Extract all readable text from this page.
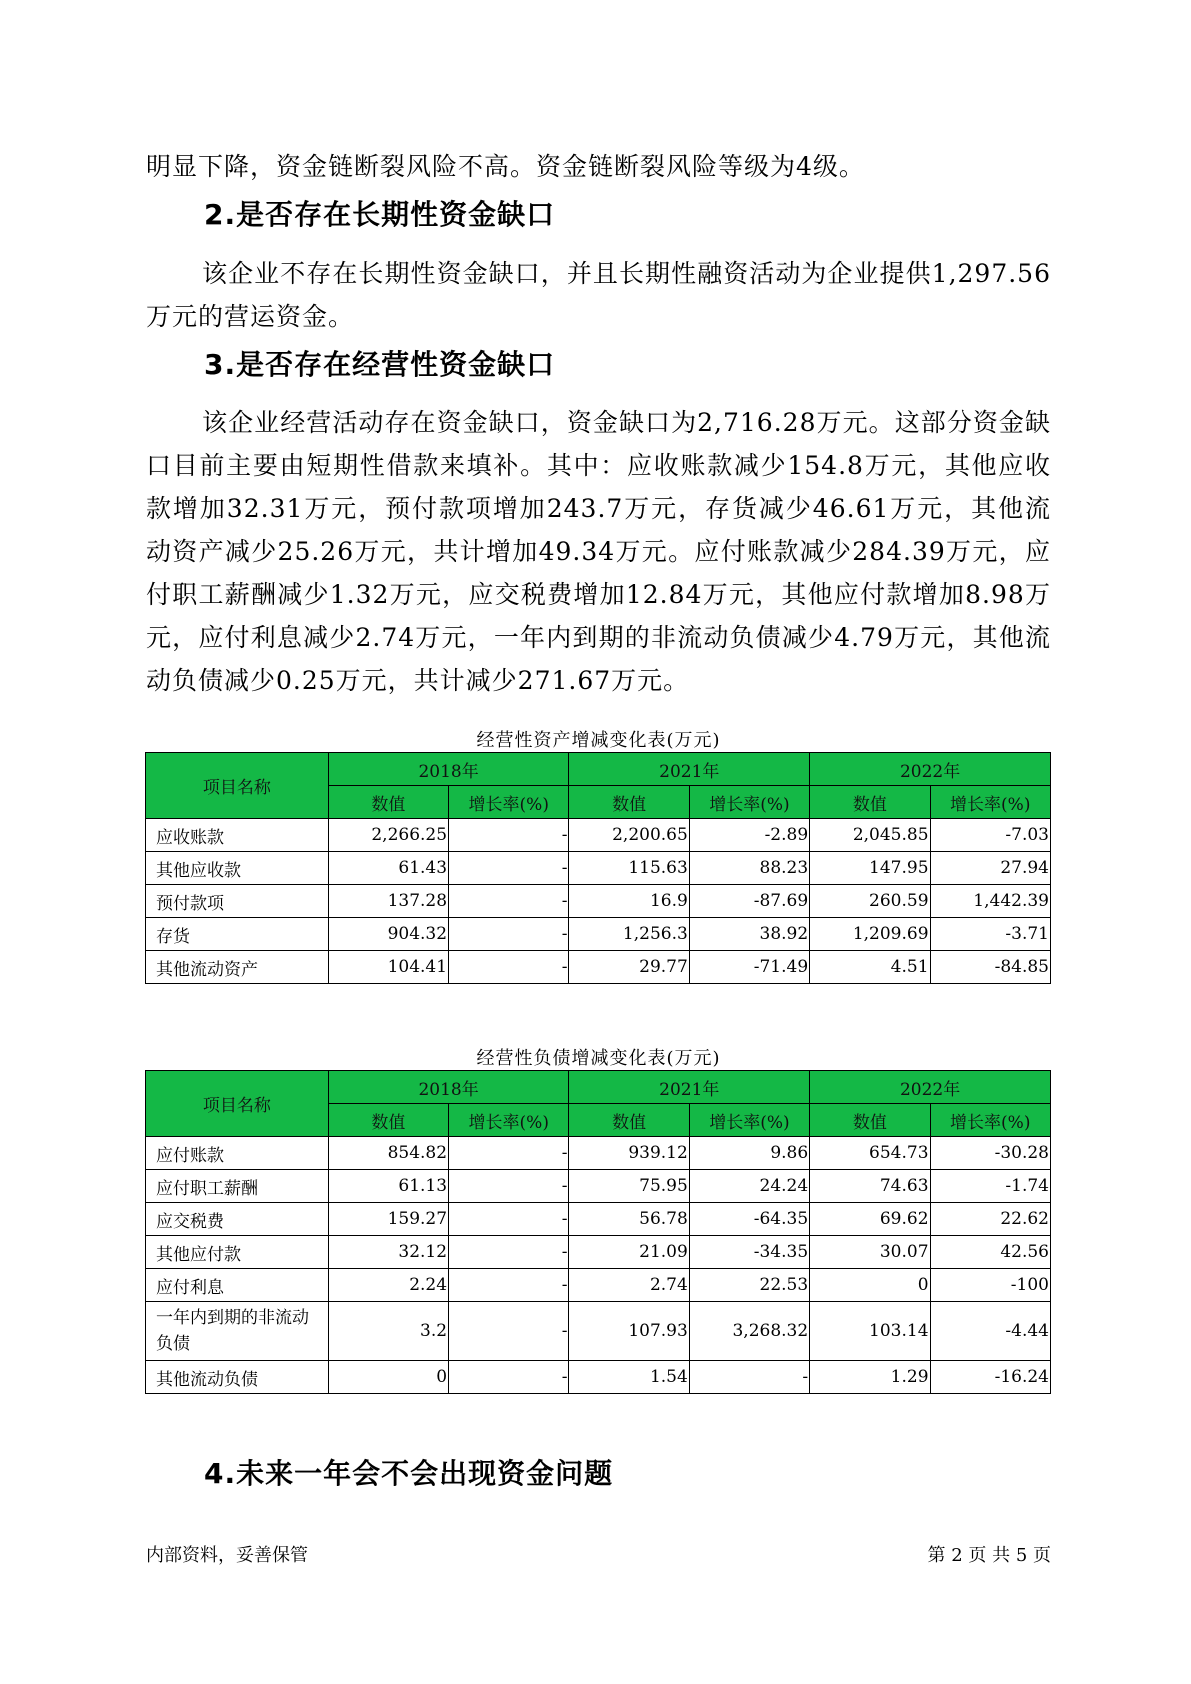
明显下降，资金链断裂风险不高。资金链断裂风险等级为4级。

2.是否存在长期性资金缺口

该企业不存在长期性资金缺口，并且长期性融资活动为企业提供1,297.56万元的营运资金。

3.是否存在经营性资金缺口

该企业经营活动存在资金缺口，资金缺口为2,716.28万元。这部分资金缺口目前主要由短期性借款来填补。其中：应收账款减少154.8万元，其他应收款增加32.31万元，预付款项增加243.7万元，存货减少46.61万元，其他流动资产减少25.26万元，共计增加49.34万元。应付账款减少284.39万元，应付职工薪酬减少1.32万元，应交税费增加12.84万元，其他应付款增加8.98万元，应付利息减少2.74万元，一年内到期的非流动负债减少4.79万元，其他流动负债减少0.25万元，共计减少271.67万元。

经营性资产增减变化表(万元)
项目名称	2018年		2021年		2022年	
	数值	增长率(%)	数值	增长率(%)	数值	增长率(%)
应收账款	2,266.25	-	2,200.65	-2.89	2,045.85	-7.03
其他应收款	61.43	-	115.63	88.23	147.95	27.94
预付款项	137.28	-	16.9	-87.69	260.59	1,442.39
存货	904.32	-	1,256.3	38.92	1,209.69	-3.71
其他流动资产	104.41	-	29.77	-71.49	4.51	-84.85
经营性负债增减变化表(万元)
项目名称	2018年		2021年		2022年	
	数值	增长率(%)	数值	增长率(%)	数值	增长率(%)
应付账款	854.82	-	939.12	9.86	654.73	-30.28
应付职工薪酬	61.13	-	75.95	24.24	74.63	-1.74
应交税费	159.27	-	56.78	-64.35	69.62	22.62
其他应付款	32.12	-	21.09	-34.35	30.07	42.56
应付利息	2.24	-	2.74	22.53	0	-100
一年内到期的非流动负债	3.2	-	107.93	3,268.32	103.14	-4.44
其他流动负债	0	-	1.54	-	1.29	-16.24
4.未来一年会不会出现资金问题
内部资料，妥善保管	第 2 页 共 5 页
